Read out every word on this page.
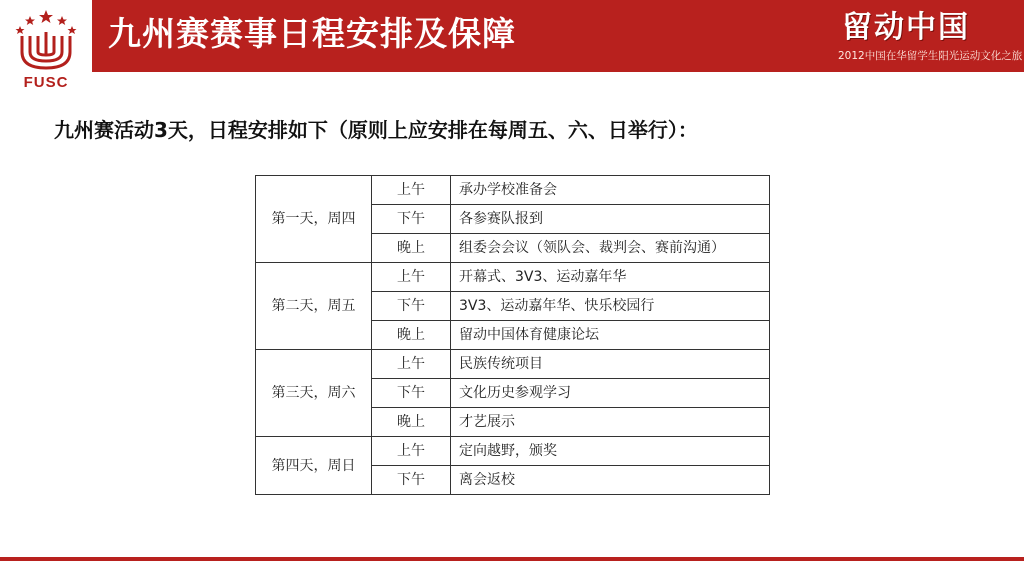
FUSC
九州赛赛事日程安排及保障	留动中国
2012中国在华留学生阳光运动文化之旅
九州赛活动3天，日程安排如下（原则上应安排在每周五、六、日举行）：
第一天，周四	上午	承办学校准备会
	下午	各参赛队报到
	晚上	组委会会议（领队会、裁判会、赛前沟通）
第二天，周五	上午	开幕式、3V3、运动嘉年华
	下午	3V3、运动嘉年华、快乐校园行
	晚上	留动中国体育健康论坛
第三天，周六	上午	民族传统项目
	下午	文化历史参观学习
	晚上	才艺展示
第四天，周日	上午	定向越野，颁奖
	下午	离会返校
